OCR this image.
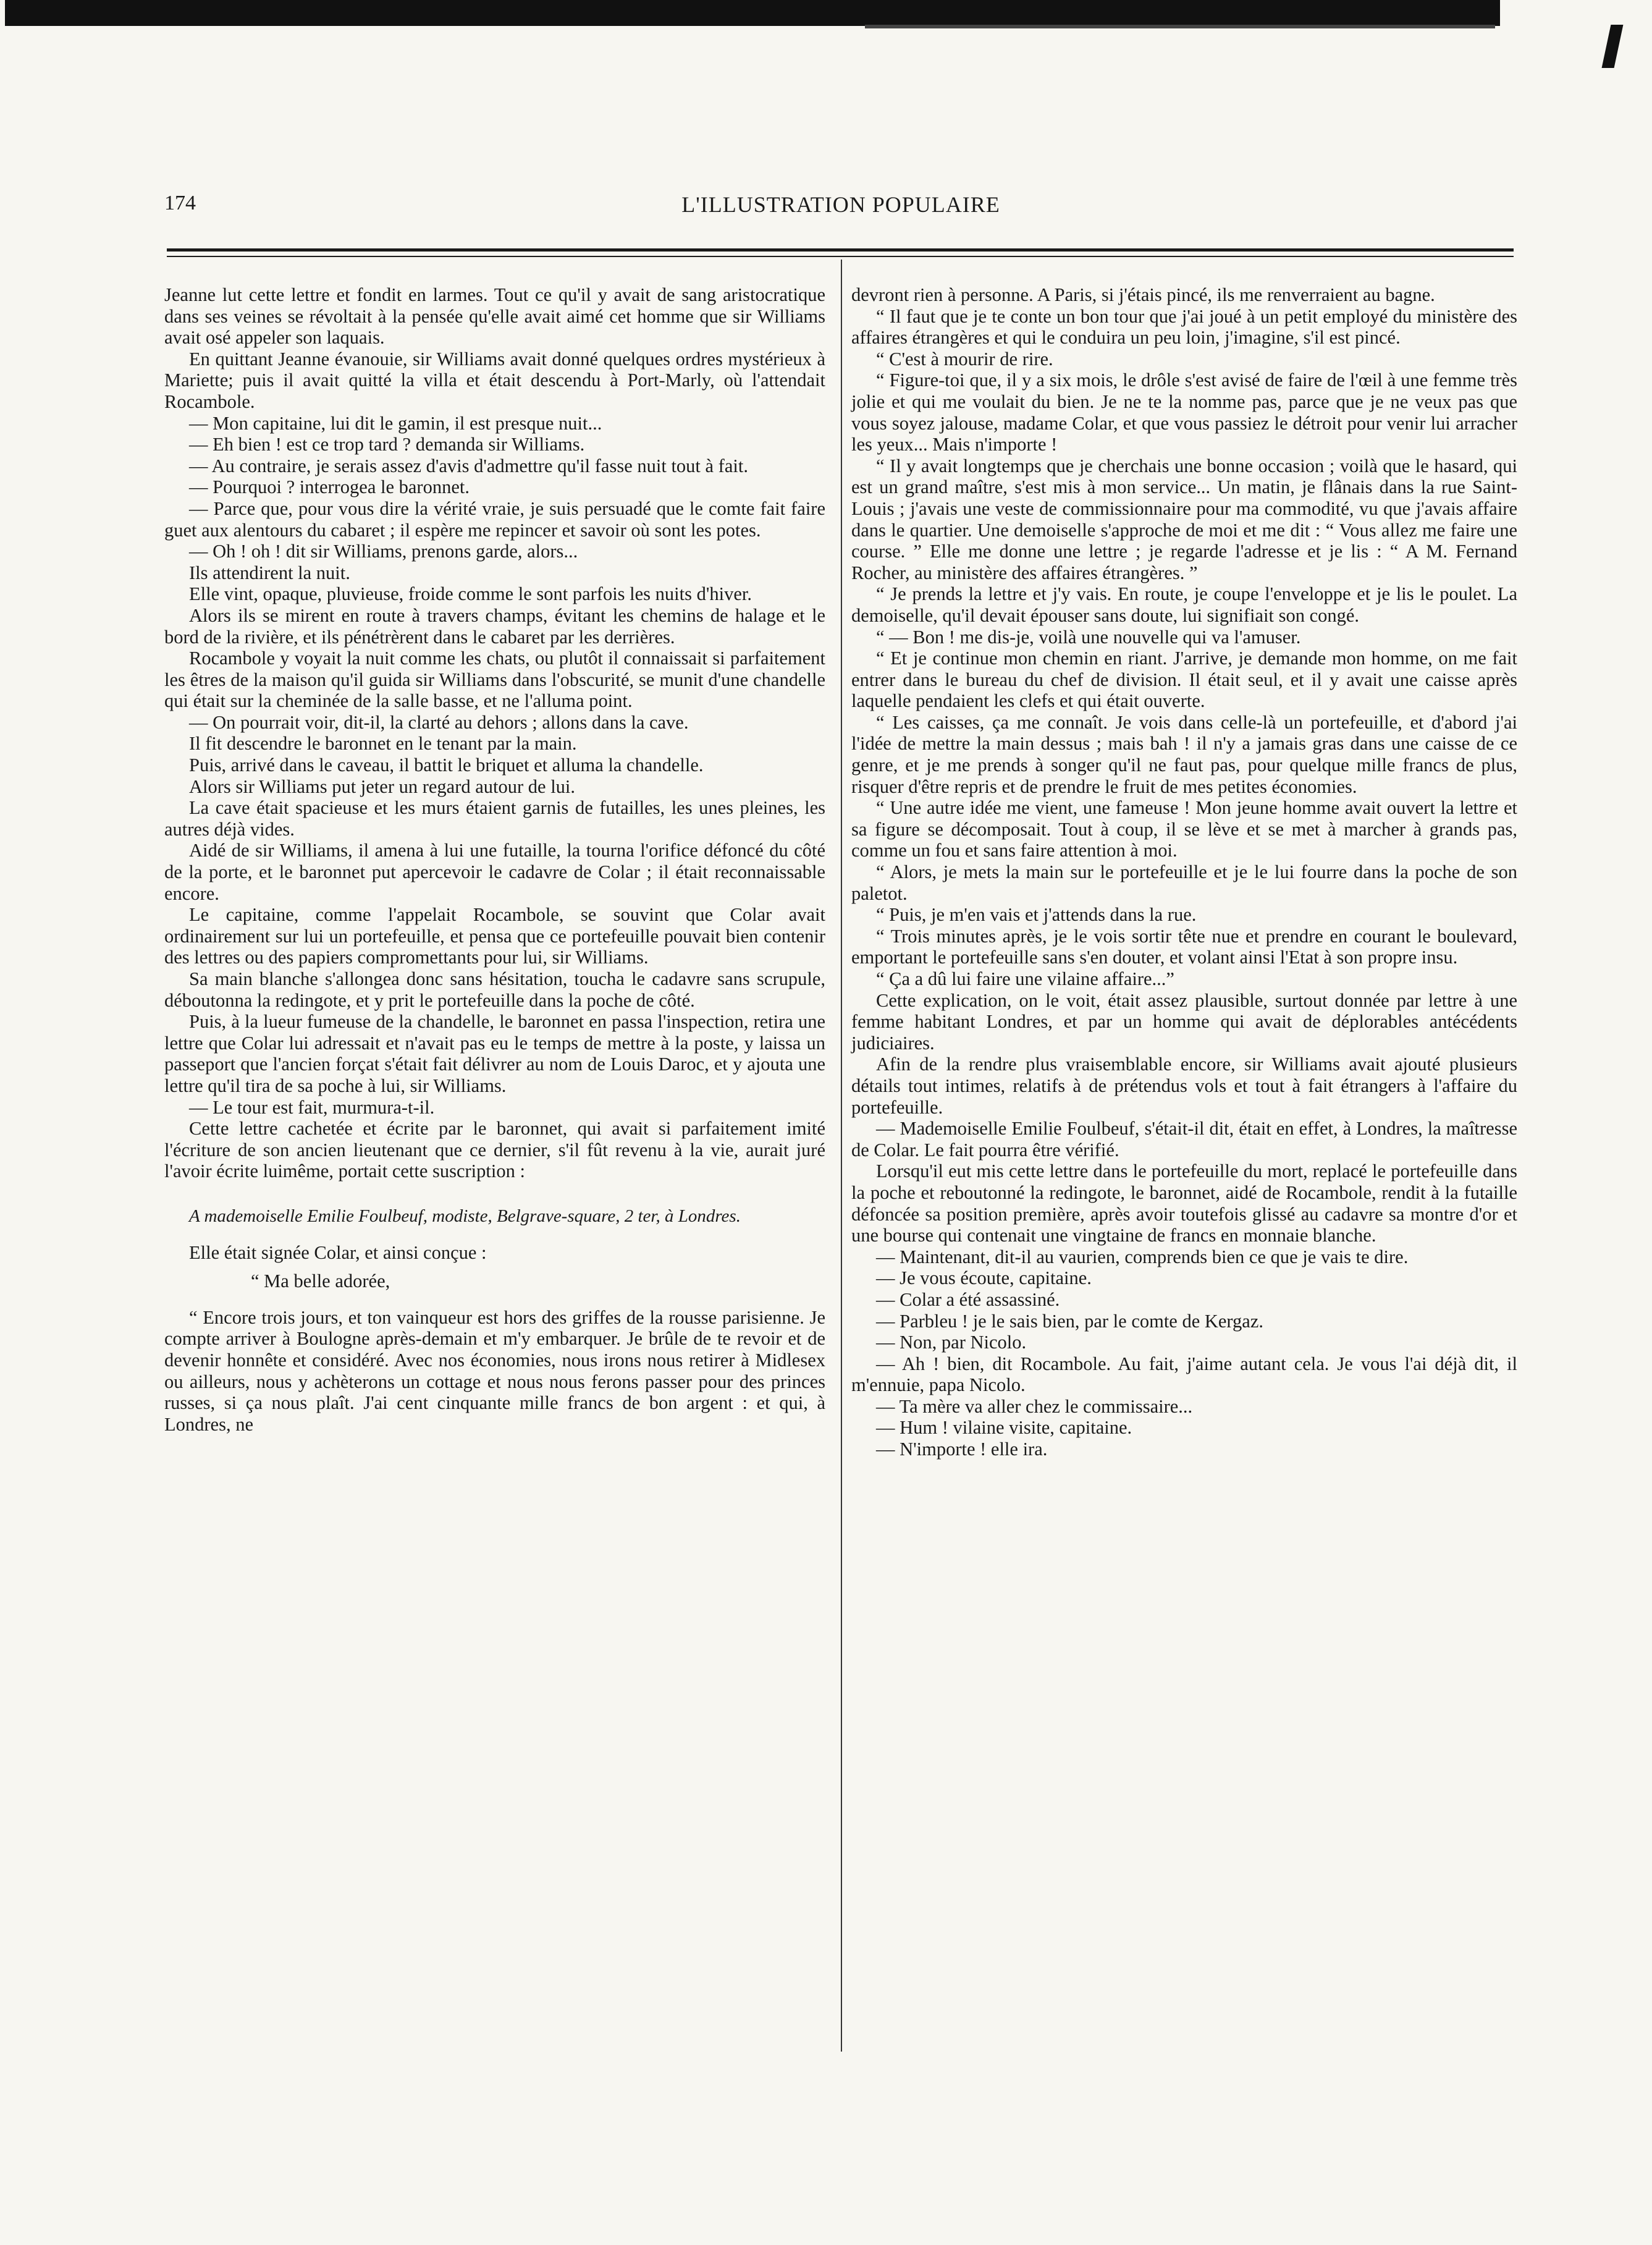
174	L'ILLUSTRATION POPULAIRE

Jeanne lut cette lettre et fondit en larmes. Tout ce qu'il y avait de sang aristocratique dans ses veines se révoltait à la pensée qu'elle avait aimé cet homme que sir Williams avait osé appeler son laquais.

En quittant Jeanne évanouie, sir Williams avait donné quelques ordres mystérieux à Mariette; puis il avait quitté la villa et était descendu à Port-Marly, où l'attendait Rocambole.

— Mon capitaine, lui dit le gamin, il est presque nuit...

— Eh bien ! est ce trop tard ? demanda sir Williams.

— Au contraire, je serais assez d'avis d'admettre qu'il fasse nuit tout à fait.

— Pourquoi ? interrogea le baronnet.

— Parce que, pour vous dire la vérité vraie, je suis persuadé que le comte fait faire guet aux alentours du cabaret ; il espère me repincer et savoir où sont les potes.

— Oh ! oh ! dit sir Williams, prenons garde, alors...

Ils attendirent la nuit.

Elle vint, opaque, pluvieuse, froide comme le sont parfois les nuits d'hiver.

Alors ils se mirent en route à travers champs, évitant les chemins de halage et le bord de la rivière, et ils pénétrèrent dans le cabaret par les derrières.

Rocambole y voyait la nuit comme les chats, ou plutôt il connaissait si parfaitement les êtres de la maison qu'il guida sir Williams dans l'obscurité, se munit d'une chandelle qui était sur la cheminée de la salle basse, et ne l'alluma point.

— On pourrait voir, dit-il, la clarté au dehors ; allons dans la cave.

Il fit descendre le baronnet en le tenant par la main.

Puis, arrivé dans le caveau, il battit le briquet et alluma la chandelle.

Alors sir Williams put jeter un regard autour de lui.

La cave était spacieuse et les murs étaient garnis de futailles, les unes pleines, les autres déjà vides.

Aidé de sir Williams, il amena à lui une futaille, la tourna l'orifice défoncé du côté de la porte, et le baronnet put apercevoir le cadavre de Colar ; il était reconnaissable encore.

Le capitaine, comme l'appelait Rocambole, se souvint que Colar avait ordinairement sur lui un portefeuille, et pensa que ce portefeuille pouvait bien contenir des lettres ou des papiers compromettants pour lui, sir Williams.

Sa main blanche s'allongea donc sans hésitation, toucha le cadavre sans scrupule, déboutonna la redingote, et y prit le portefeuille dans la poche de côté.

Puis, à la lueur fumeuse de la chandelle, le baronnet en passa l'inspection, retira une lettre que Colar lui adressait et n'avait pas eu le temps de mettre à la poste, y laissa un passeport que l'ancien forçat s'était fait délivrer au nom de Louis Daroc, et y ajouta une lettre qu'il tira de sa poche à lui, sir Williams.

— Le tour est fait, murmura-t-il.

Cette lettre cachetée et écrite par le baronnet, qui avait si parfaitement imité l'écriture de son ancien lieutenant que ce dernier, s'il fût revenu à la vie, aurait juré l'avoir écrite luimême, portait cette suscription :

A mademoiselle Emilie Foulbeuf, modiste, Belgrave-square, 2 ter, à Londres.

Elle était signée Colar, et ainsi conçue :

“ Ma belle adorée,

“ Encore trois jours, et ton vainqueur est hors des griffes de la rousse parisienne. Je compte arriver à Boulogne après-demain et m'y embarquer. Je brûle de te revoir et de devenir honnête et considéré. Avec nos économies, nous irons nous retirer à Midlesex ou ailleurs, nous y achèterons un cottage et nous nous ferons passer pour des princes russes, si ça nous plaît. J'ai cent cinquante mille francs de bon argent : et qui, à Londres, ne

devront rien à personne. A Paris, si j'étais pincé, ils me renverraient au bagne.

“ Il faut que je te conte un bon tour que j'ai joué à un petit employé du ministère des affaires étrangères et qui le conduira un peu loin, j'imagine, s'il est pincé.

“ C'est à mourir de rire.

“ Figure-toi que, il y a six mois, le drôle s'est avisé de faire de l'œil à une femme très jolie et qui me voulait du bien. Je ne te la nomme pas, parce que je ne veux pas que vous soyez jalouse, madame Colar, et que vous passiez le détroit pour venir lui arracher les yeux... Mais n'importe !

“ Il y avait longtemps que je cherchais une bonne occasion ; voilà que le hasard, qui est un grand maître, s'est mis à mon service... Un matin, je flânais dans la rue Saint-Louis ; j'avais une veste de commissionnaire pour ma commodité, vu que j'avais affaire dans le quartier. Une demoiselle s'approche de moi et me dit : “ Vous allez me faire une course. ” Elle me donne une lettre ; je regarde l'adresse et je lis : “ A M. Fernand Rocher, au ministère des affaires étrangères. ”

“ Je prends la lettre et j'y vais. En route, je coupe l'enveloppe et je lis le poulet. La demoiselle, qu'il devait épouser sans doute, lui signifiait son congé.

“ — Bon ! me dis-je, voilà une nouvelle qui va l'amuser.

“ Et je continue mon chemin en riant. J'arrive, je demande mon homme, on me fait entrer dans le bureau du chef de division. Il était seul, et il y avait une caisse après laquelle pendaient les clefs et qui était ouverte.

“ Les caisses, ça me connaît. Je vois dans celle-là un portefeuille, et d'abord j'ai l'idée de mettre la main dessus ; mais bah ! il n'y a jamais gras dans une caisse de ce genre, et je me prends à songer qu'il ne faut pas, pour quelque mille francs de plus, risquer d'être repris et de prendre le fruit de mes petites économies.

“ Une autre idée me vient, une fameuse ! Mon jeune homme avait ouvert la lettre et sa figure se décomposait. Tout à coup, il se lève et se met à marcher à grands pas, comme un fou et sans faire attention à moi.

“ Alors, je mets la main sur le portefeuille et je le lui fourre dans la poche de son paletot.

“ Puis, je m'en vais et j'attends dans la rue.

“ Trois minutes après, je le vois sortir tête nue et prendre en courant le boulevard, emportant le portefeuille sans s'en douter, et volant ainsi l'Etat à son propre insu.

“ Ça a dû lui faire une vilaine affaire...”

Cette explication, on le voit, était assez plausible, surtout donnée par lettre à une femme habitant Londres, et par un homme qui avait de déplorables antécédents judiciaires.

Afin de la rendre plus vraisemblable encore, sir Williams avait ajouté plusieurs détails tout intimes, relatifs à de prétendus vols et tout à fait étrangers à l'affaire du portefeuille.

— Mademoiselle Emilie Foulbeuf, s'était-il dit, était en effet, à Londres, la maîtresse de Colar. Le fait pourra être vérifié.

Lorsqu'il eut mis cette lettre dans le portefeuille du mort, replacé le portefeuille dans la poche et reboutonné la redingote, le baronnet, aidé de Rocambole, rendit à la futaille défoncée sa position première, après avoir toutefois glissé au cadavre sa montre d'or et une bourse qui contenait une vingtaine de francs en monnaie blanche.

— Maintenant, dit-il au vaurien, comprends bien ce que je vais te dire.

— Je vous écoute, capitaine.

— Colar a été assassiné.

— Parbleu ! je le sais bien, par le comte de Kergaz.

— Non, par Nicolo.

— Ah ! bien, dit Rocambole. Au fait, j'aime autant cela. Je vous l'ai déjà dit, il m'ennuie, papa Nicolo.

— Ta mère va aller chez le commissaire...

— Hum ! vilaine visite, capitaine.

— N'importe ! elle ira.
